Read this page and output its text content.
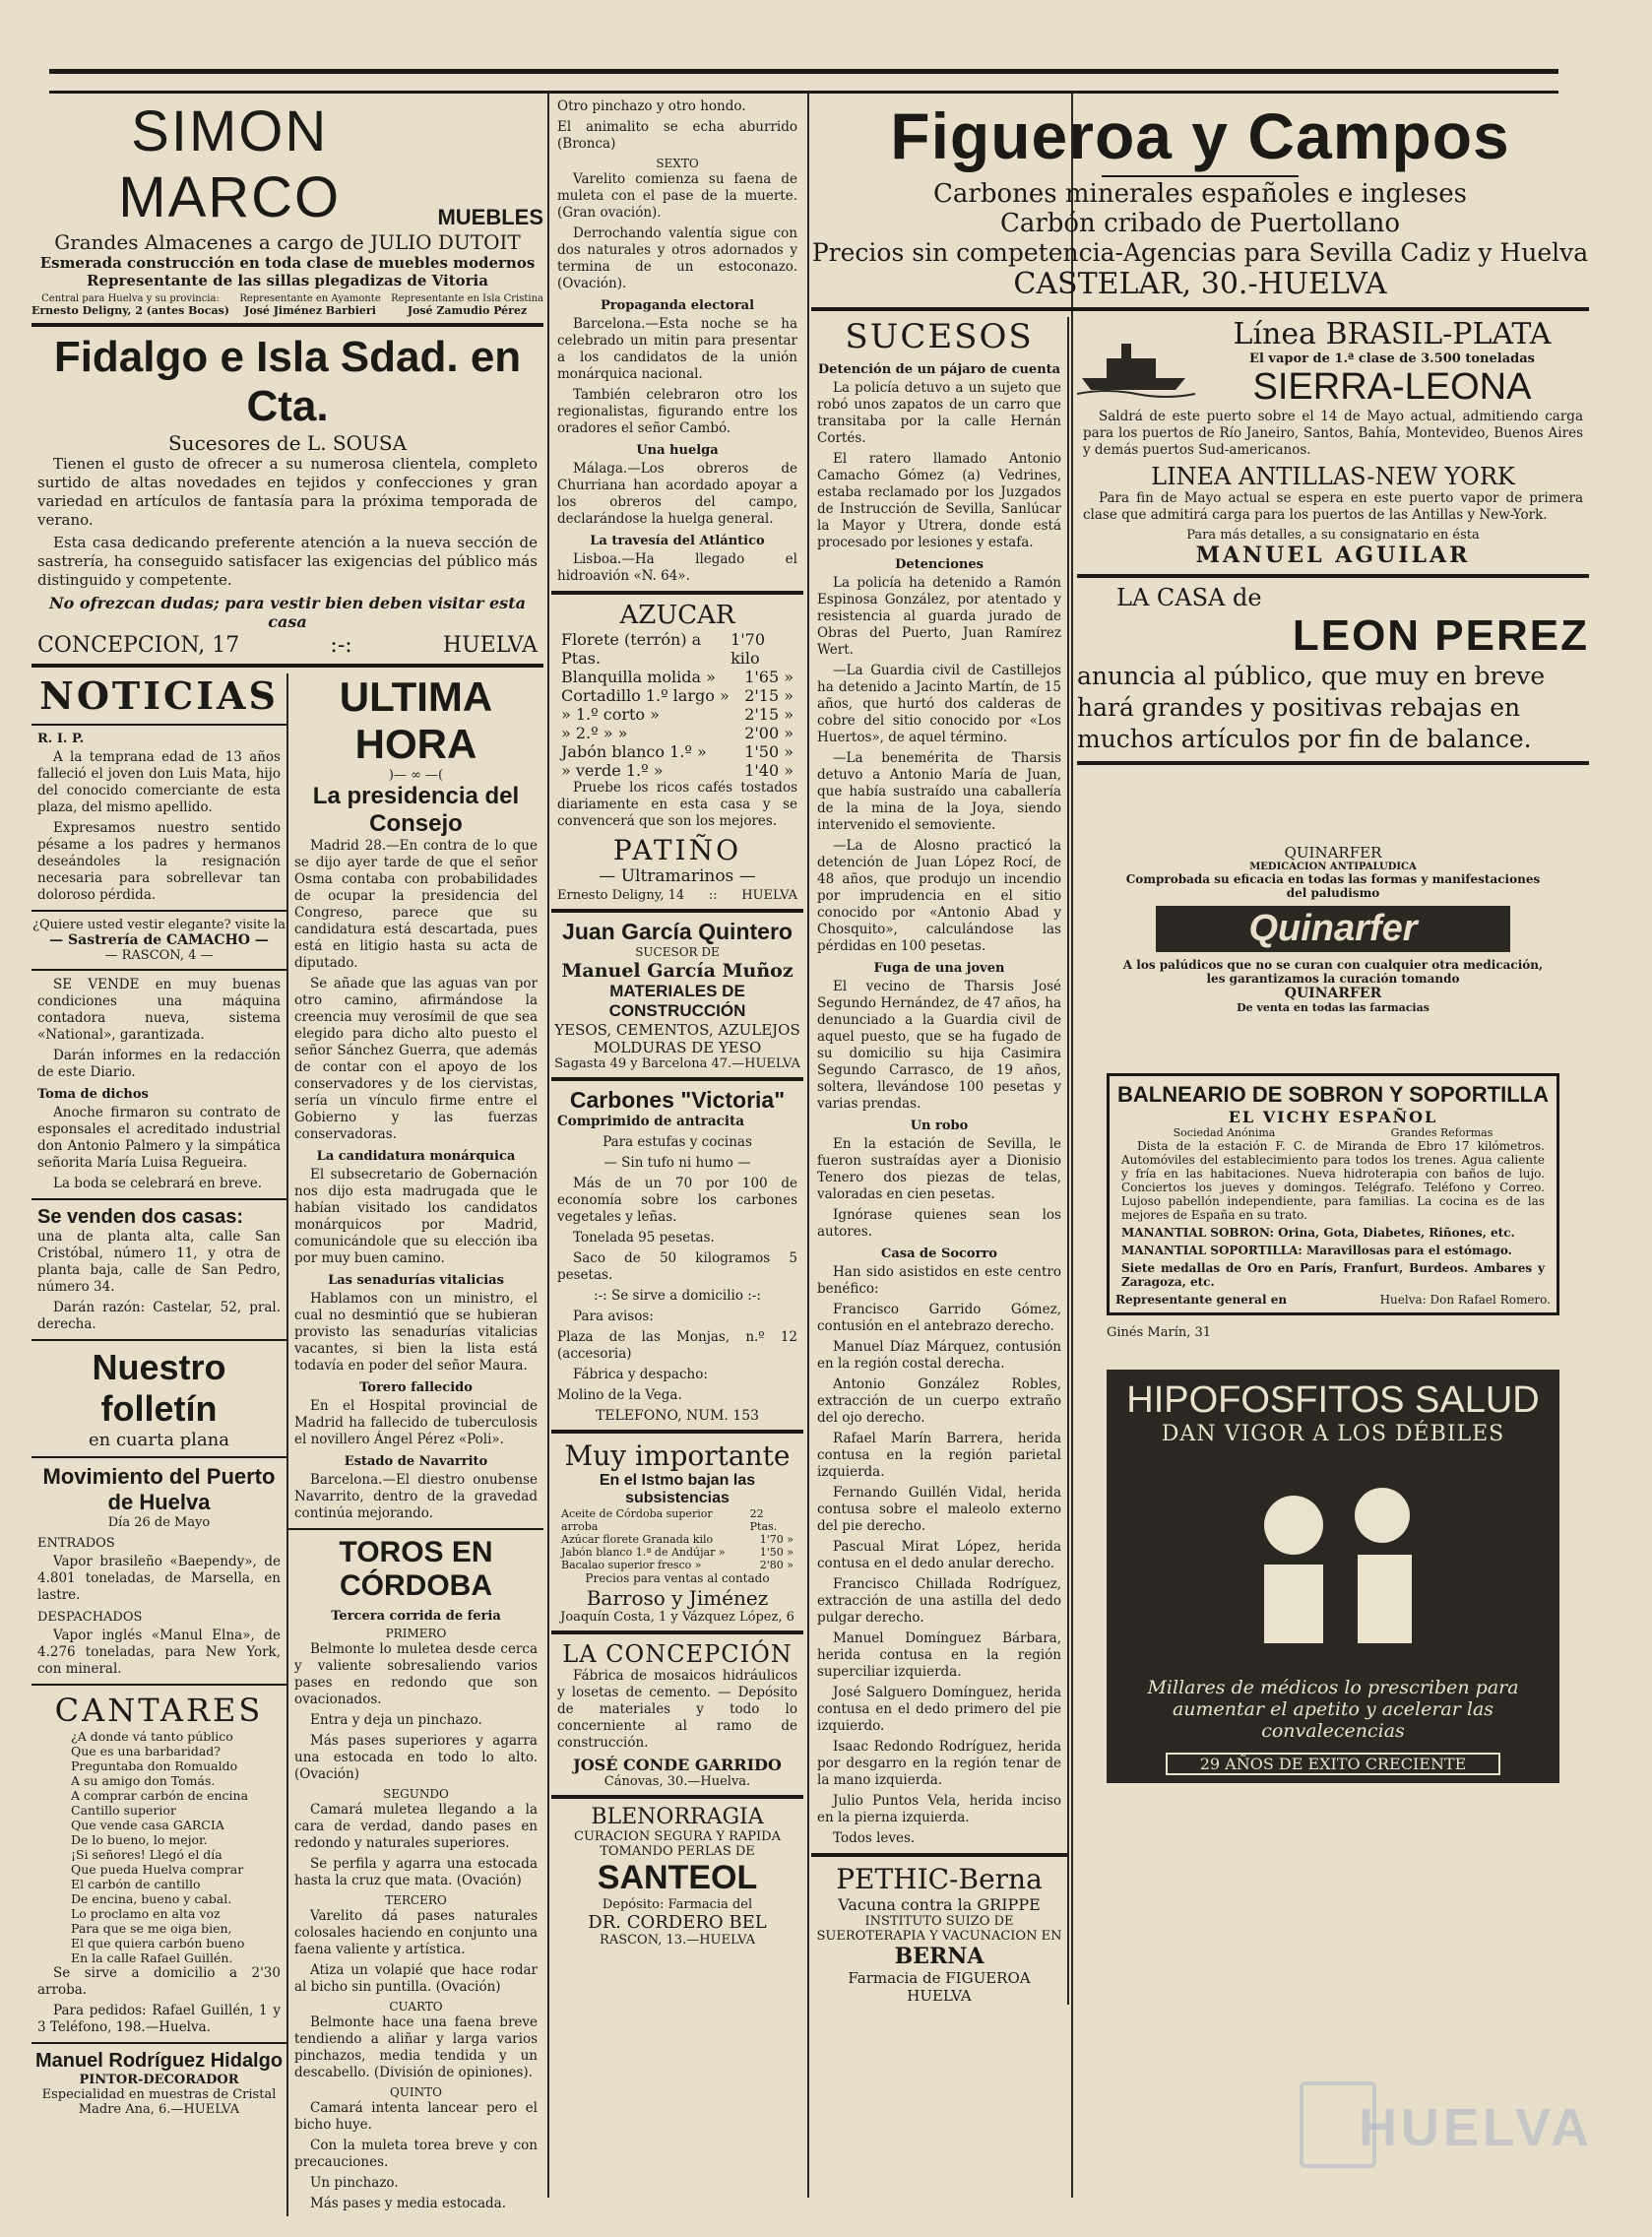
SIMON MARCO	MUEBLES
Grandes Almacenes a cargo de JULIO DUTOIT
Esmerada construcción en toda clase de muebles modernos
Representante de las sillas plegadizas de Vitoria
Central para Huelva y su provincia:
Ernesto Deligny, 2 (antes Bocas)
Representante en Ayamonte
José Jiménez Barbieri
Representante en Isla Cristina
José Zamudio Pérez
Fidalgo e Isla Sdad. en Cta.
Sucesores de L. SOUSA

Tienen el gusto de ofrecer a su numerosa clientela, completo surtido de altas novedades en tejidos y confecciones y gran variedad en artículos de fantasía para la próxima temporada de verano.

Esta casa dedicando preferente atención a la nueva sección de sastrería, ha conseguido satisfacer las exigencias del público más distinguido y competente.

No ofrezcan dudas; para vestir bien deben visitar esta casa
CONCEPCION, 17	:-:	HUELVA
NOTICIAS
R. I. P.

A la temprana edad de 13 años falleció el joven don Luis Mata, hijo del conocido comerciante de esta plaza, del mismo apellido.

Expresamos nuestro sentido pésame a los padres y hermanos deseándoles la resignación necesaria para sobrellevar tan doloroso pérdida.

¿Quiere usted vestir elegante? visite la
— Sastrería de CAMACHO —
— RASCON, 4 —

SE VENDE en muy buenas condiciones una máquina contadora nueva, sistema «National», garantizada.

Darán informes en la redacción de este Diario.

Toma de dichos

Anoche firmaron su contrato de esponsales el acreditado industrial don Antonio Palmero y la simpática señorita María Luisa Regueira.

La boda se celebrará en breve.

Se venden dos casas:

una de planta alta, calle San Cristóbal, número 11, y otra de planta baja, calle de San Pedro, número 34.

Darán razón: Castelar, 52, pral. derecha.

Nuestro folletín
en cuarta plana
Movimiento del Puerto de Huelva
Día 26 de Mayo
ENTRADOS

Vapor brasileño «Baependy», de 4.801 toneladas, de Marsella, en lastre.

DESPACHADOS

Vapor inglés «Manul Elna», de 4.276 toneladas, para New York, con mineral.

CANTARES
¿A donde vá tanto público
Que es una barbaridad?
Preguntaba don Romualdo
A su amigo don Tomás.
A comprar carbón de encina
Cantillo superior
Que vende casa GARCIA
De lo bueno, lo mejor.
¡Si señores! Llegó el día
Que pueda Huelva comprar
El carbón de cantillo
De encina, bueno y cabal.
Lo proclamo en alta voz
Para que se me oiga bien,
El que quiera carbón bueno
En la calle Rafael Guillén.

Se sirve a domicilio a 2'30 arroba.

Para pedidos: Rafael Guillén, 1 y 3 Teléfono, 198.—Huelva.

Manuel Rodríguez Hidalgo
PINTOR-DECORADOR
Especialidad en muestras de Cristal
Madre Ana, 6.—HUELVA
ULTIMA HORA
)— ∞ —(
La presidencia del Consejo

Madrid 28.—En contra de lo que se dijo ayer tarde de que el señor Osma contaba con probabilidades de ocupar la presidencia del Congreso, parece que su candidatura está descartada, pues está en litigio hasta su acta de diputado.

Se añade que las aguas van por otro camino, afirmándose la creencia muy verosímil de que sea elegido para dicho alto puesto el señor Sánchez Guerra, que además de contar con el apoyo de los conservadores y de los ciervistas, sería un vínculo firme entre el Gobierno y las fuerzas conservadoras.

La candidatura monárquica

El subsecretario de Gobernación nos dijo esta madrugada que le habían visitado los candidatos monárquicos por Madrid, comunicándole que su elección iba por muy buen camino.

Las senadurías vitalicias

Hablamos con un ministro, el cual no desmintió que se hubieran provisto las senadurías vitalicias vacantes, si bien la lista está todavía en poder del señor Maura.

Torero fallecido

En el Hospital provincial de Madrid ha fallecido de tuberculosis el novillero Ángel Pérez «Poli».

Estado de Navarrito

Barcelona.—El diestro onubense Navarrito, dentro de la gravedad continúa mejorando.

TOROS EN CÓRDOBA
Tercera corrida de feria
PRIMERO

Belmonte lo muletea desde cerca y valiente sobresaliendo varios pases en redondo que son ovacionados.

Entra y deja un pinchazo.

Más pases superiores y agarra una estocada en todo lo alto. (Ovación)

SEGUNDO

Camará muletea llegando a la cara de verdad, dando pases en redondo y naturales superiores.

Se perfila y agarra una estocada hasta la cruz que mata. (Ovación)

TERCERO

Varelito dá pases naturales colosales haciendo en conjunto una faena valiente y artística.

Atiza un volapié que hace rodar al bicho sin puntilla. (Ovación)

CUARTO

Belmonte hace una faena breve tendiendo a aliñar y larga varios pinchazos, media tendida y un descabello. (División de opiniones).

QUINTO

Camará intenta lancear pero el bicho huye.

Con la muleta torea breve y con precauciones.

Un pinchazo.

Más pases y media estocada.

Otro pinchazo y otro hondo.

El animalito se echa aburrido (Bronca)

SEXTO

Varelito comienza su faena de muleta con el pase de la muerte. (Gran ovación).

Derrochando valentía sigue con dos naturales y otros adornados y termina de un estoconazo. (Ovación).

Propaganda electoral

Barcelona.—Esta noche se ha celebrado un mitin para presentar a los candidatos de la unión monárquica nacional.

También celebraron otro los regionalistas, figurando entre los oradores el señor Cambó.

Una huelga

Málaga.—Los obreros de Churriana han acordado apoyar a los obreros del campo, declarándose la huelga general.

La travesía del Atlántico

Lisboa.—Ha llegado el hidroavión «N. 64».

AZUCAR
Florete (terrón) a Ptas.
1'70 kilo
Blanquilla molida » 1'65 »
Cortadillo 1.º largo » 2'15 »
» 1.º corto »	2'15 »
» 2.º » »	2'00 »
Jabón blanco 1.º » 1'50 »
» verde 1.º »	1'40 »

Pruebe los ricos cafés tostados diariamente en esta casa y se convencerá que son los mejores.

PATIÑO
— Ultramarinos —
Ernesto Deligny, 14 :: HUELVA
Juan García Quintero
SUCESOR DE
Manuel García Muñoz
MATERIALES DE CONSTRUCCIÓN
YESOS, CEMENTOS, AZULEJOS
MOLDURAS DE YESO
Sagasta 49 y Barcelona 47.—HUELVA
Carbones "Victoria"

Comprimido de antracita

Para estufas y cocinas

— Sin tufo ni humo —

Más de un 70 por 100 de economía sobre los carbones vegetales y leñas.

Tonelada 95 pesetas.

Saco de 50 kilogramos 5 pesetas.

:-: Se sirve a domicilio :-:

Para avisos:

Plaza de las Monjas, n.º 12 (accesoria)

Fábrica y despacho:

Molino de la Vega.

TELEFONO, NUM. 153
Muy importante
En el Istmo bajan las subsistencias
Aceite de Córdoba superior arroba
22 Ptas.
Azúcar florete Granada kilo	1'70 »
Jabón blanco 1.ª de Andújar »	1'50 »
Bacalao superior fresco »	2'80 »
Precios para ventas al contado
Barroso y Jiménez
Joaquín Costa, 1 y Vázquez López, 6
LA CONCEPCIÓN

Fábrica de mosaicos hidráulicos y losetas de cemento. — Depósito de materiales y todo lo concerniente al ramo de construcción.

JOSÉ CONDE GARRIDO
Cánovas, 30.—Huelva.
BLENORRAGIA
CURACION SEGURA Y RAPIDA
TOMANDO PERLAS DE
SANTEOL
Depósito: Farmacia del
DR. CORDERO BEL
RASCON, 13.—HUELVA
Figueroa y Campos
Carbones minerales españoles e ingleses
Carbón cribado de Puertollano
Precios sin competencia-Agencias para Sevilla Cadiz y Huelva
CASTELAR, 30.-HUELVA
SUCESOS
Detención de un pájaro de cuenta

La policía detuvo a un sujeto que robó unos zapatos de un carro que transitaba por la calle Hernán Cortés.

El ratero llamado Antonio Camacho Gómez (a) Vedrines, estaba reclamado por los Juzgados de Instrucción de Sevilla, Sanlúcar la Mayor y Utrera, donde está procesado por lesiones y estafa.

Detenciones

La policía ha detenido a Ramón Espinosa González, por atentado y resistencia al guarda jurado de Obras del Puerto, Juan Ramírez Wert.

—La Guardia civil de Castillejos ha detenido a Jacinto Martín, de 15 años, que hurtó dos calderas de cobre del sitio conocido por «Los Huertos», de aquel término.

—La benemérita de Tharsis detuvo a Antonio María de Juan, que había sustraído una caballería de la mina de la Joya, siendo intervenido el semoviente.

—La de Alosno practicó la detención de Juan López Rocí, de 48 años, que produjo un incendio por imprudencia en el sitio conocido por «Antonio Abad y Chosquito», calculándose las pérdidas en 100 pesetas.

Fuga de una joven

El vecino de Tharsis José Segundo Hernández, de 47 años, ha denunciado a la Guardia civil de aquel puesto, que se ha fugado de su domicilio su hija Casimira Segundo Carrasco, de 19 años, soltera, llevándose 100 pesetas y varias prendas.

Un robo

En la estación de Sevilla, le fueron sustraídas ayer a Dionisio Tenero dos piezas de telas, valoradas en cien pesetas.

Ignórase quienes sean los autores.

Casa de Socorro

Han sido asistidos en este centro benéfico:

Francisco Garrido Gómez, contusión en el antebrazo derecho.

Manuel Díaz Márquez, contusión en la región costal derecha.

Antonio González Robles, extracción de un cuerpo extraño del ojo derecho.

Rafael Marín Barrera, herida contusa en la región parietal izquierda.

Fernando Guillén Vidal, herida contusa sobre el maleolo externo del pie derecho.

Pascual Mirat López, herida contusa en el dedo anular derecho.

Francisco Chillada Rodríguez, extracción de una astilla del dedo pulgar derecho.

Manuel Domínguez Bárbara, herida contusa en la región superciliar izquierda.

José Salguero Domínguez, herida contusa en el dedo primero del pie izquierdo.

Isaac Redondo Rodríguez, herida por desgarro en la región tenar de la mano izquierda.

Julio Puntos Vela, herida inciso en la pierna izquierda.

Todos leves.

PETHIC-Berna
Vacuna contra la GRIPPE
INSTITUTO SUIZO DE SUEROTERAPIA Y VACUNACION EN
BERNA
Farmacia de FIGUEROA
HUELVA
Línea BRASIL-PLATA
El vapor de 1.ª clase de 3.500 toneladas
SIERRA-LEONA

Saldrá de este puerto sobre el 14 de Mayo actual, admitiendo carga para los puertos de Río Janeiro, Santos, Bahía, Montevideo, Buenos Aires y demás puertos Sud-americanos.

LINEA ANTILLAS-NEW YORK

Para fin de Mayo actual se espera en este puerto vapor de primera clase que admitirá carga para los puertos de las Antillas y New-York.

Para más detalles, a su consignatario en ésta
MANUEL AGUILAR
LA CASA de
LEON PEREZ
anuncia al público, que muy en breve hará grandes y positivas rebajas en muchos artículos por fin de balance.
QUINARFER
MEDICACION ANTIPALUDICA
Comprobada su eficacia en todas las formas y manifestaciones del paludismo
Quinarfer
A los palúdicos que no se curan con cualquier otra medicación, les garantizamos la curación tomando
QUINARFER
De venta en todas las farmacias
BALNEARIO DE SOBRON Y SOPORTILLA
EL VICHY ESPAÑOL
Sociedad Anónima	Grandes Reformas

Dista de la estación F. C. de Miranda de Ebro 17 kilómetros. Automóviles del establecimiento para todos los trenes. Agua caliente y fría en las habitaciones. Nueva hidroterapia con baños de lujo. Conciertos los jueves y domingos. Telégrafo. Teléfono y Correo. Lujoso pabellón independiente, para familias. La cocina es de las mejores de España en su trato.

MANANTIAL SOBRON: Orina, Gota, Diabetes, Riñones, etc.

MANANTIAL SOPORTILLA: Maravillosas para el estómago.

Siete medallas de Oro en París, Franfurt, Burdeos. Ambares y Zaragoza, etc.

Representante general en	Huelva: Don Rafael Romero.
Ginés Marín, 31
HIPOFOSFITOS SALUD
DAN VIGOR A LOS DÉBILES
Millares de médicos lo prescriben para aumentar el apetito y acelerar las convalecencias
29 AÑOS DE EXITO CRECIENTE
HUELVA
